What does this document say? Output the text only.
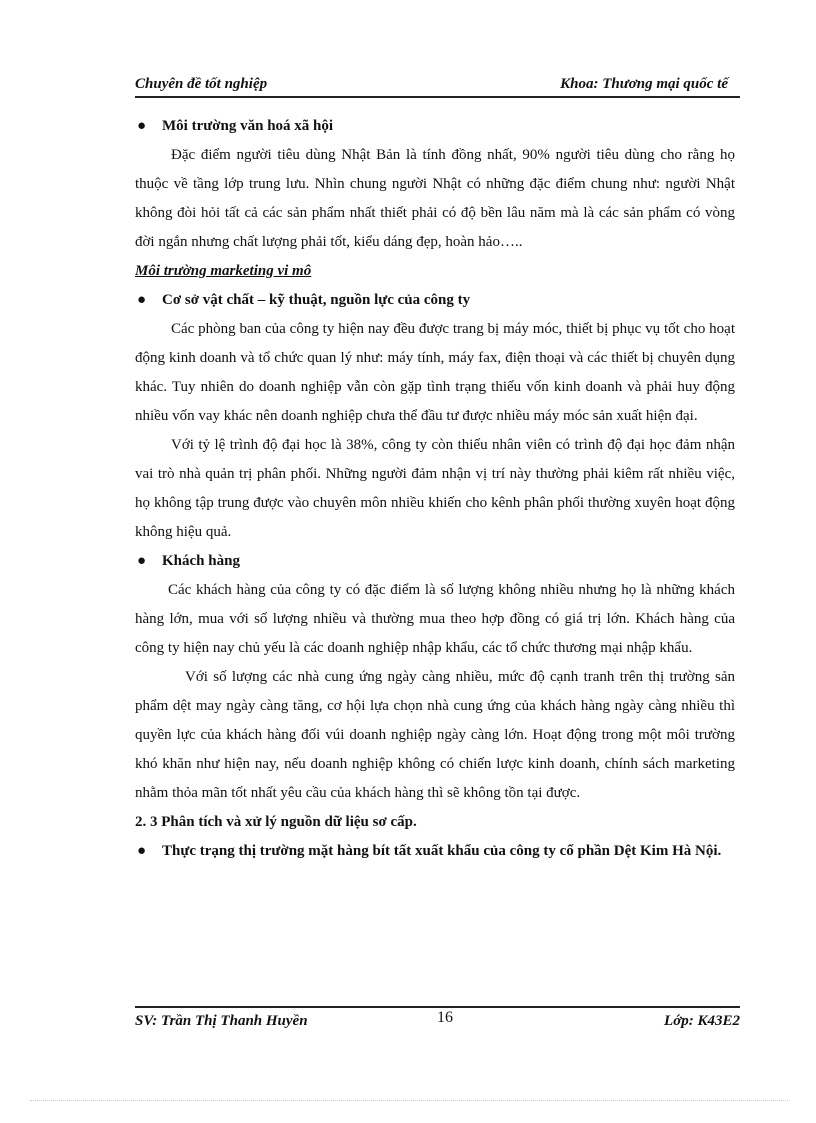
Chuyên đề tốt nghiệp	Khoa: Thương mại quốc tế

● Môi trường văn hoá xã hội

Đặc điểm người tiêu dùng Nhật Bản là tính đồng nhất, 90% người tiêu dùng cho rằng họ thuộc về tầng lớp trung lưu. Nhìn chung người Nhật có những đặc điểm chung như: người Nhật không đòi hỏi tất cả các sản phẩm nhất thiết phải có độ bền lâu năm mà là các sản phẩm có vòng đời ngắn nhưng chất lượng phải tốt, kiểu dáng đẹp, hoàn hảo…..

Môi trường marketing vi mô

● Cơ sở vật chất – kỹ thuật, nguồn lực của công ty

Các phòng ban của công ty hiện nay đều được trang bị máy móc, thiết bị phục vụ tốt cho hoạt động kinh doanh và tổ chức quan lý như: máy tính, máy fax, điện thoại và các thiết bị chuyên dụng khác. Tuy nhiên do doanh nghiệp vẫn còn gặp tình trạng thiếu vốn kinh doanh và phải huy động nhiều vốn vay khác nên doanh nghiệp chưa thể đầu tư được nhiều máy móc sản xuất hiện đại.

Với tỷ lệ trình độ đại học là 38%, công ty còn thiếu nhân viên có trình độ đại học đảm nhận vai trò nhà quản trị phân phối. Những người đảm nhận vị trí này thường phải kiêm rất nhiều việc, họ không tập trung được vào chuyên môn nhiều khiến cho kênh phân phối thường xuyên hoạt động không hiệu quả.

● Khách hàng

Các khách hàng của công ty có đặc điểm là số lượng không nhiều nhưng họ là những khách hàng lớn, mua với số lượng nhiều và thường mua theo hợp đồng có giá trị lớn. Khách hàng của công ty hiện nay chủ yếu là các doanh nghiệp nhập khẩu, các tổ chức thương mại nhập khẩu.

Với số lượng các nhà cung ứng ngày càng nhiều, mức độ cạnh tranh trên thị trường sản phẩm dệt may ngày càng tăng, cơ hội lựa chọn nhà cung ứng của khách hàng ngày càng nhiều thì quyền lực của khách hàng đối vúi doanh nghiệp ngày càng lớn. Hoạt động trong một môi trường khó khăn như hiện nay, nếu doanh nghiệp không có chiến lược kinh doanh, chính sách marketing nhằm thỏa mãn tốt nhất yêu cầu của khách hàng thì sẽ không tồn tại được.

2. 3 Phân tích và xử lý nguồn dữ liệu sơ cấp.

● Thực trạng thị trường mặt hàng bít tất xuất khẩu của công ty cổ phần Dệt Kim Hà Nội.

SV: Trần Thị Thanh Huyền	16	Lớp: K43E2
